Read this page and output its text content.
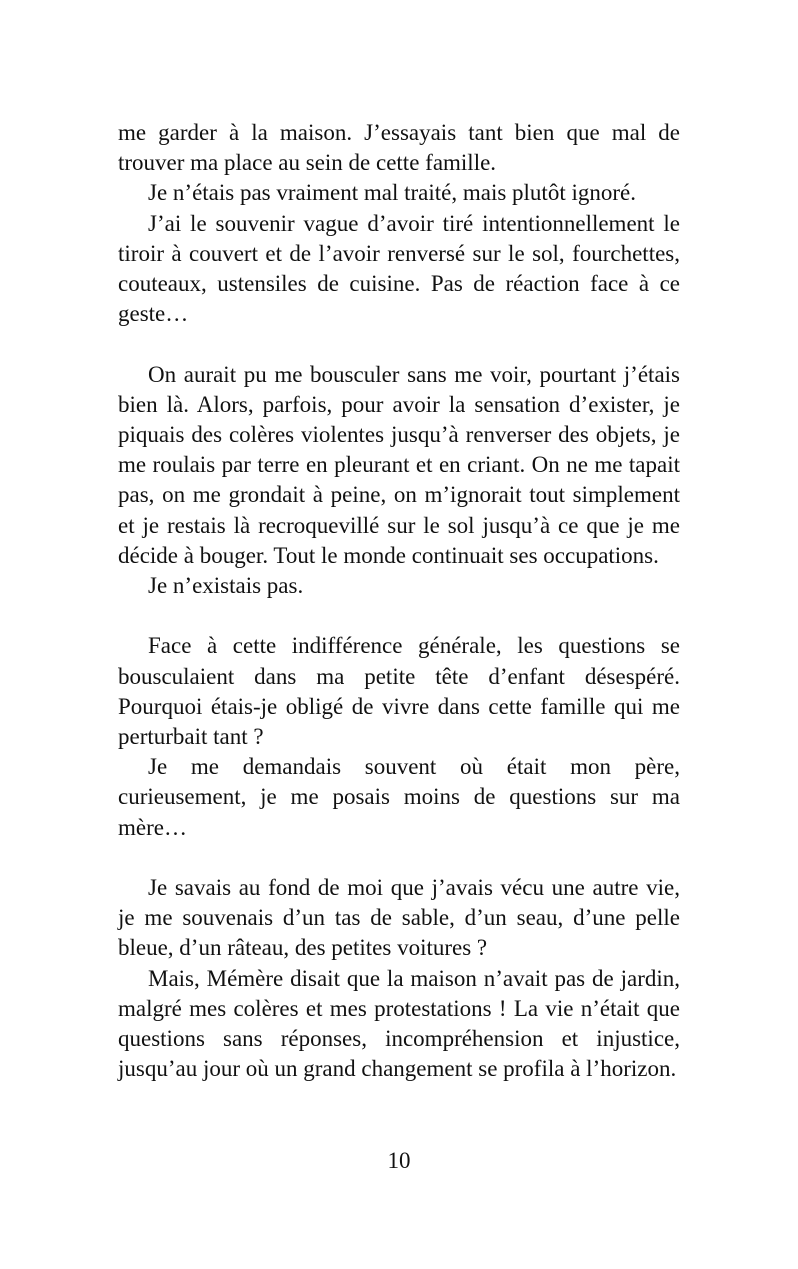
me garder à la maison. J’essayais tant bien que mal de trouver ma place au sein de cette famille.

Je n’étais pas vraiment mal traité, mais plutôt ignoré.

J’ai le souvenir vague d’avoir tiré intentionnellement le tiroir à couvert et de l’avoir renversé sur le sol, fourchettes, couteaux, ustensiles de cuisine. Pas de réaction face à ce geste…

On aurait pu me bousculer sans me voir, pourtant j’étais bien là. Alors, parfois, pour avoir la sensation d’exister, je piquais des colères violentes jusqu’à renverser des objets, je me roulais par terre en pleurant et en criant. On ne me tapait pas, on me grondait à peine, on m’ignorait tout simplement et je restais là recroquevillé sur le sol jusqu’à ce que je me décide à bouger. Tout le monde continuait ses occupations.

Je n’existais pas.

Face à cette indifférence générale, les questions se bousculaient dans ma petite tête d’enfant désespéré. Pourquoi étais-je obligé de vivre dans cette famille qui me perturbait tant ?

Je me demandais souvent où était mon père, curieusement, je me posais moins de questions sur ma mère…

Je savais au fond de moi que j’avais vécu une autre vie, je me souvenais d’un tas de sable, d’un seau, d’une pelle bleue, d’un râteau, des petites voitures ?

Mais, Mémère disait que la maison n’avait pas de jardin, malgré mes colères et mes protestations ! La vie n’était que questions sans réponses, incompréhension et injustice, jusqu’au jour où un grand changement se profila à l’horizon.

10
